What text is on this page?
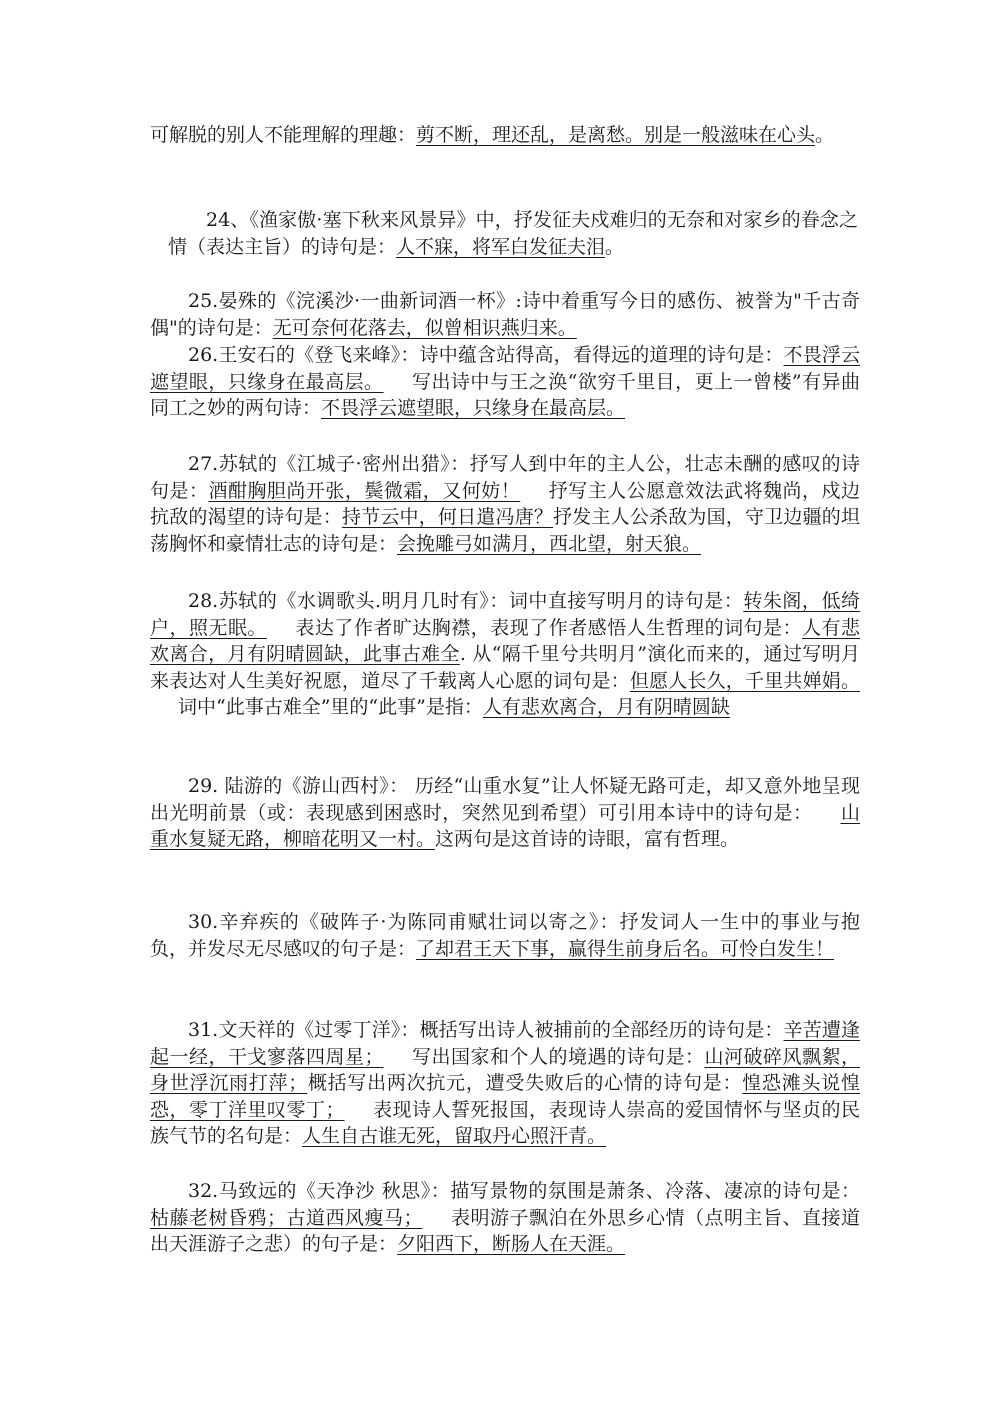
可解脱的别人不能理解的理趣：剪不断，理还乱，是离愁。别是一般滋味在心头。

24、《渔家傲·塞下秋来风景异》中，抒发征夫戍难归的无奈和对家乡的眷念之情（表达主旨）的诗句是：人不寐，将军白发征夫泪。

25.晏殊的《浣溪沙·一曲新词酒一杯》:诗中着重写今日的感伤、被誉为"千古奇偶"的诗句是：无可奈何花落去，似曾相识燕归来。

26.王安石的《登飞来峰》：诗中蕴含站得高，看得远的道理的诗句是：不畏浮云遮望眼，只缘身在最高层。 写出诗中与王之涣“欲穷千里目，更上一曾楼”有异曲同工之妙的两句诗：不畏浮云遮望眼，只缘身在最高层。

27.苏轼的《江城子·密州出猎》：抒写人到中年的主人公，壮志未酬的感叹的诗句是：酒酣胸胆尚开张，鬓微霜，又何妨！ 抒写主人公愿意效法武将魏尚，戍边抗敌的渴望的诗句是：持节云中，何日遣冯唐？抒发主人公杀敌为国，守卫边疆的坦荡胸怀和豪情壮志的诗句是：会挽雕弓如满月，西北望，射天狼。

28.苏轼的《水调歌头.明月几时有》：词中直接写明月的诗句是：转朱阁，低绮户，照无眠。 表达了作者旷达胸襟，表现了作者感悟人生哲理的词句是：人有悲欢离合，月有阴晴圆缺，此事古难全. 从“隔千里兮共明月”演化而来的，通过写明月来表达对人生美好祝愿，道尽了千载离人心愿的词句是：但愿人长久，千里共婵娟。词中“此事古难全”里的“此事”是指：人有悲欢离合，月有阴晴圆缺

29. 陆游的《游山西村》： 历经“山重水复”让人怀疑无路可走，却又意外地呈现出光明前景（或：表现感到困惑时，突然见到希望）可引用本诗中的诗句是： 山重水复疑无路，柳暗花明又一村。这两句是这首诗的诗眼，富有哲理。

30.辛弃疾的《破阵子·为陈同甫赋壮词以寄之》：抒发词人一生中的事业与抱负，并发尽无尽感叹的句子是：了却君王天下事，赢得生前身后名。可怜白发生！

31.文天祥的《过零丁洋》：概括写出诗人被捕前的全部经历的诗句是：辛苦遭逢起一经，干戈寥落四周星； 写出国家和个人的境遇的诗句是：山河破碎风飘絮，身世浮沉雨打萍；概括写出两次抗元，遭受失败后的心情的诗句是：惶恐滩头说惶恐，零丁洋里叹零丁； 表现诗人誓死报国，表现诗人崇高的爱国情怀与坚贞的民族气节的名句是：人生自古谁无死，留取丹心照汗青。

32.马致远的《天净沙 秋思》：描写景物的氛围是萧条、冷落、凄凉的诗句是：枯藤老树昏鸦；古道西风瘦马； 表明游子飘泊在外思乡心情（点明主旨、直接道出天涯游子之悲）的句子是：夕阳西下，断肠人在天涯。
